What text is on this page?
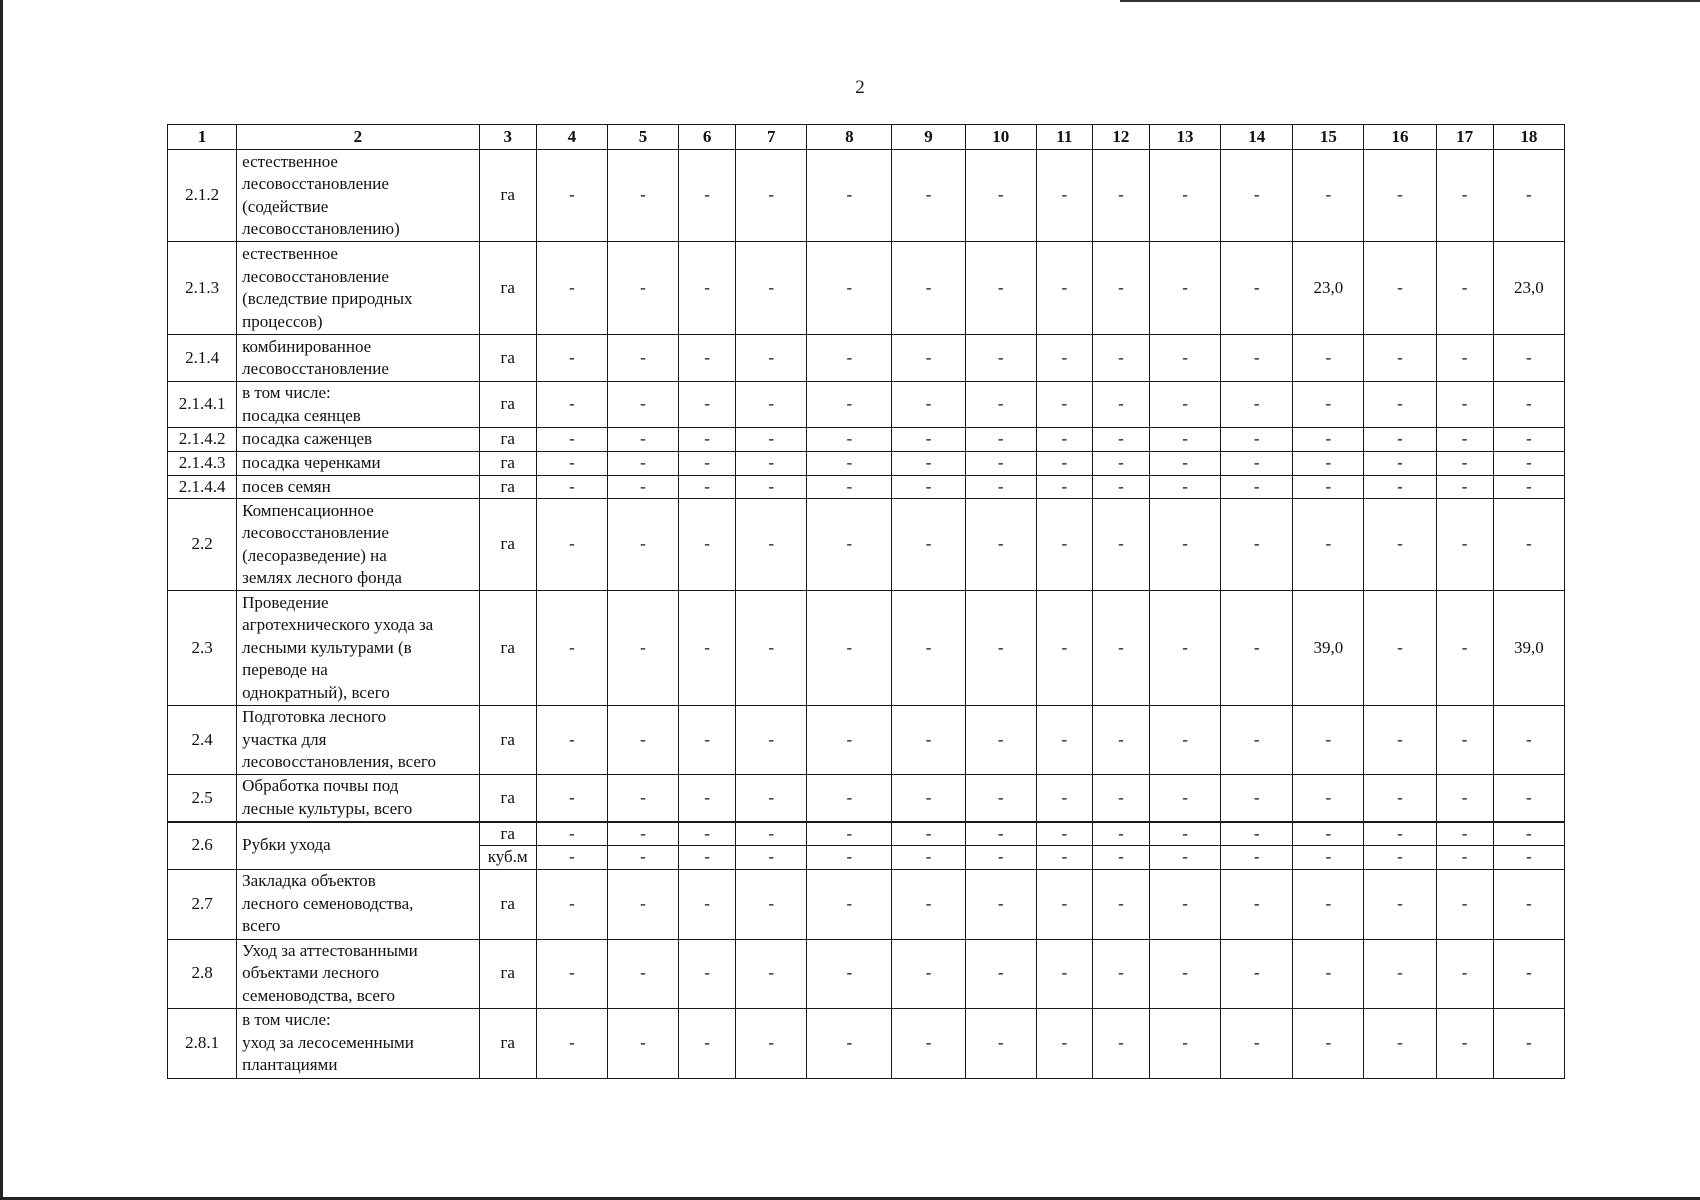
2
1	2	3	4	5	6	7	8	9	10	11	12	13	14	15	16	17	18
2.1.2	естественное
лесовосстановление
(содействие
лесовосстановлению)	га	-	-	-	-	-	-	-	-	-	-	-	-	-	-	-
2.1.3	естественное
лесовосстановление
(вследствие природных
процессов)	га	-	-	-	-	-	-	-	-	-	-	-	23,0	-	-	23,0
2.1.4	комбинированное
лесовосстановление	га	-	-	-	-	-	-	-	-	-	-	-	-	-	-	-
2.1.4.1	в том числе:
посадка сеянцев	га	-	-	-	-	-	-	-	-	-	-	-	-	-	-	-
2.1.4.2	посадка саженцев	га	-	-	-	-	-	-	-	-	-	-	-	-	-	-	-
2.1.4.3	посадка черенками	га	-	-	-	-	-	-	-	-	-	-	-	-	-	-	-
2.1.4.4	посев семян	га	-	-	-	-	-	-	-	-	-	-	-	-	-	-	-
2.2	Компенсационное
лесовосстановление
(лесоразведение) на
землях лесного фонда	га	-	-	-	-	-	-	-	-	-	-	-	-	-	-	-
2.3	Проведение
агротехнического ухода за
лесными культурами (в
переводе на
однократный), всего	га	-	-	-	-	-	-	-	-	-	-	-	39,0	-	-	39,0
2.4	Подготовка лесного
участка для
лесовосстановления, всего	га	-	-	-	-	-	-	-	-	-	-	-	-	-	-	-
2.5	Обработка почвы под
лесные культуры, всего	га	-	-	-	-	-	-	-	-	-	-	-	-	-	-	-
2.6	Рубки ухода	га	-	-	-	-	-	-	-	-	-	-	-	-	-	-	-
		куб.м	-	-	-	-	-	-	-	-	-	-	-	-	-	-	-
2.7	Закладка объектов
лесного семеноводства,
всего	га	-	-	-	-	-	-	-	-	-	-	-	-	-	-	-
2.8	Уход за аттестованными
объектами лесного
семеноводства, всего	га	-	-	-	-	-	-	-	-	-	-	-	-	-	-	-
2.8.1	в том числе:
уход за лесосеменными
плантациями	га	-	-	-	-	-	-	-	-	-	-	-	-	-	-	-
